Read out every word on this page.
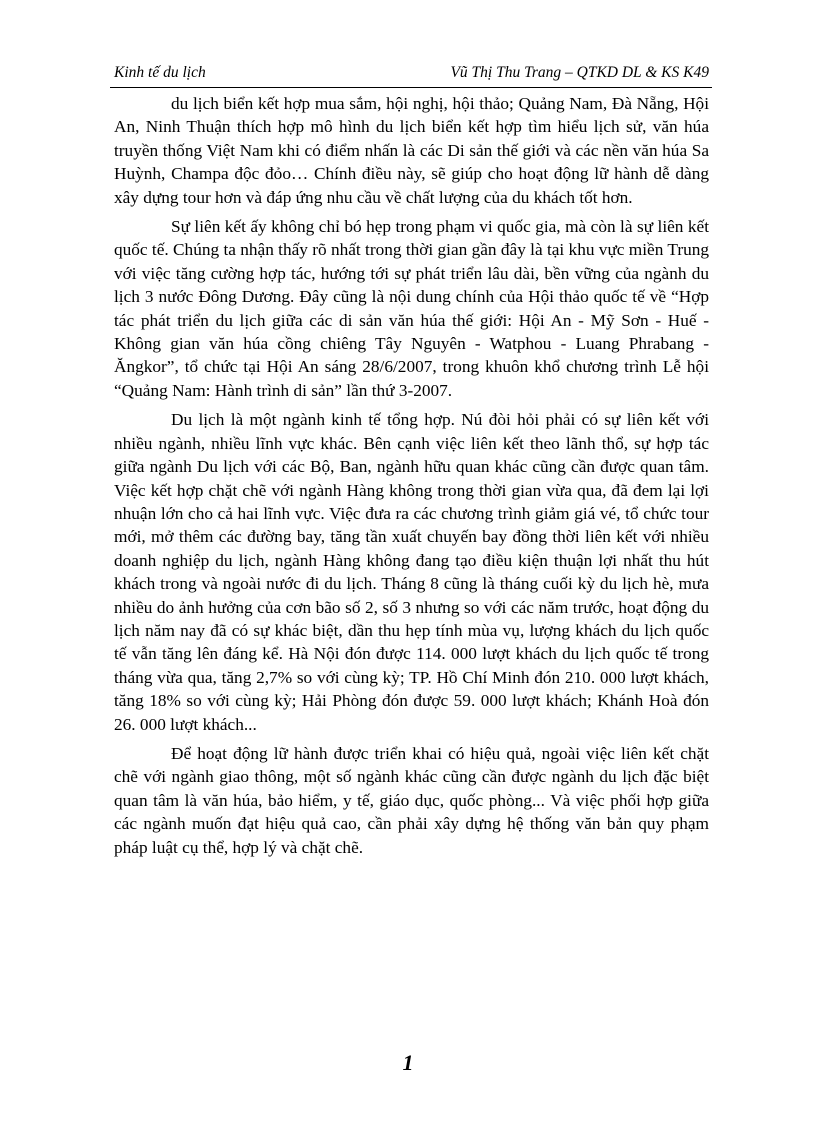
Kinh tế du lịch	Vũ Thị Thu Trang – QTKD DL & KS K49

du lịch biển kết hợp mua sắm, hội nghị, hội thảo; Quảng Nam, Đà Nẵng, Hội An, Ninh Thuận thích hợp mô hình du lịch biển kết hợp tìm hiểu lịch sử, văn húa truyền thống Việt Nam khi có điểm nhấn là các Di sản thế giới và các nền văn húa Sa Huỳnh, Champa độc đỏo… Chính điều này, sẽ giúp cho hoạt động lữ hành dễ dàng xây dựng tour hơn và đáp ứng nhu cầu về chất lượng của du khách tốt hơn.

Sự liên kết ấy không chỉ bó hẹp trong phạm vi quốc gia, mà còn là sự liên kết quốc tế. Chúng ta nhận thấy rõ nhất trong thời gian gần đây là tại khu vực miền Trung với việc tăng cường hợp tác, hướng tới sự phát triển lâu dài, bền vững của ngành du lịch 3 nước Đông Dương. Đây cũng là nội dung chính của Hội thảo quốc tế về “Hợp tác phát triển du lịch giữa các di sản văn húa thế giới: Hội An - Mỹ Sơn - Huế - Không gian văn húa cồng chiêng Tây Nguyên - Watphou - Luang Phrabang - Ăngkor”, tổ chức tại Hội An sáng 28/6/2007, trong khuôn khổ chương trình Lễ hội “Quảng Nam: Hành trình di sản” lần thứ 3-2007.

Du lịch là một ngành kinh tế tổng hợp. Nú đòi hỏi phải có sự liên kết với nhiều ngành, nhiều lĩnh vực khác. Bên cạnh việc liên kết theo lãnh thổ, sự hợp tác giữa ngành Du lịch với các Bộ, Ban, ngành hữu quan khác cũng cần được quan tâm. Việc kết hợp chặt chẽ với ngành Hàng không trong thời gian vừa qua, đã đem lại lợi nhuận lớn cho cả hai lĩnh vực. Việc đưa ra các chương trình giảm giá vé, tổ chức tour mới, mở thêm các đường bay, tăng tần xuất chuyến bay đồng thời liên kết với nhiều doanh nghiệp du lịch, ngành Hàng không đang tạo điều kiện thuận lợi nhất thu hút khách trong và ngoài nước đi du lịch. Tháng 8 cũng là tháng cuối kỳ du lịch hè, mưa nhiều do ảnh hưởng của cơn bão số 2, số 3 nhưng so với các năm trước, hoạt động du lịch năm nay đã có sự khác biệt, dần thu hẹp tính mùa vụ, lượng khách du lịch quốc tế vẫn tăng lên đáng kể. Hà Nội đón được 114. 000 lượt khách du lịch quốc tế trong tháng vừa qua, tăng 2,7% so với cùng kỳ; TP. Hồ Chí Minh đón 210. 000 lượt khách, tăng 18% so với cùng kỳ; Hải Phòng đón được 59. 000 lượt khách; Khánh Hoà đón 26. 000 lượt khách...

Để hoạt động lữ hành được triển khai có hiệu quả, ngoài việc liên kết chặt chẽ với ngành giao thông, một số ngành khác cũng cần được ngành du lịch đặc biệt quan tâm là văn húa, bảo hiểm, y tế, giáo dục, quốc phòng... Và việc phối hợp giữa các ngành muốn đạt hiệu quả cao, cần phải xây dựng hệ thống văn bản quy phạm pháp luật cụ thể, hợp lý và chặt chẽ.

1
